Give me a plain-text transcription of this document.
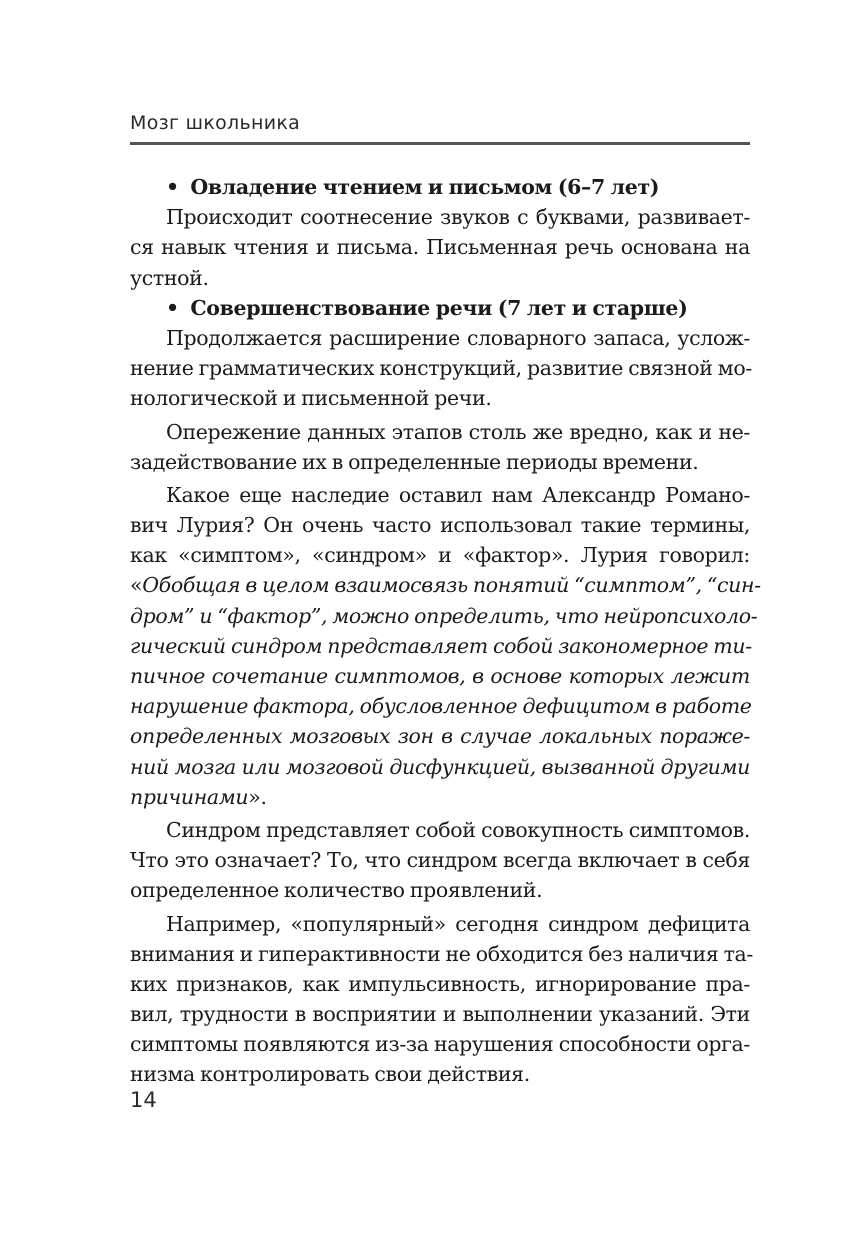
Мозг школьника
• Овладение чтением и письмом (6–7 лет)
Происходит соотнесение звуков с буквами, развивает-
ся навык чтения и письма. Письменная речь основана на
устной.
• Совершенствование речи (7 лет и старше)
Продолжается расширение словарного запаса, услож-
нение грамматических конструкций, развитие связной мо-
нологической и письменной речи.
Опережение данных этапов столь же вредно, как и не-
задействование их в определенные периоды времени.
Какое еще наследие оставил нам Александр Романо-
вич Лурия? Он очень часто использовал такие термины,
как «симптом», «синдром» и «фактор». Лурия говорил:
«Обобщая в целом взаимосвязь понятий “симптом”, “син-
дром” и “фактор”, можно определить, что нейропсихоло-
гический синдром представляет собой закономерное ти-
пичное сочетание симптомов, в основе которых лежит
нарушение фактора, обусловленное дефицитом в работе
определенных мозговых зон в случае локальных пораже-
ний мозга или мозговой дисфункцией, вызванной другими
причинами».
Синдром представляет собой совокупность симптомов.
Что это означает? То, что синдром всегда включает в себя
определенное количество проявлений.
Например, «популярный» сегодня синдром дефицита
внимания и гиперактивности не обходится без наличия та-
ких признаков, как импульсивность, игнорирование пра-
вил, трудности в восприятии и выполнении указаний. Эти
симптомы появляются из-за нарушения способности орга-
низма контролировать свои действия.
14
